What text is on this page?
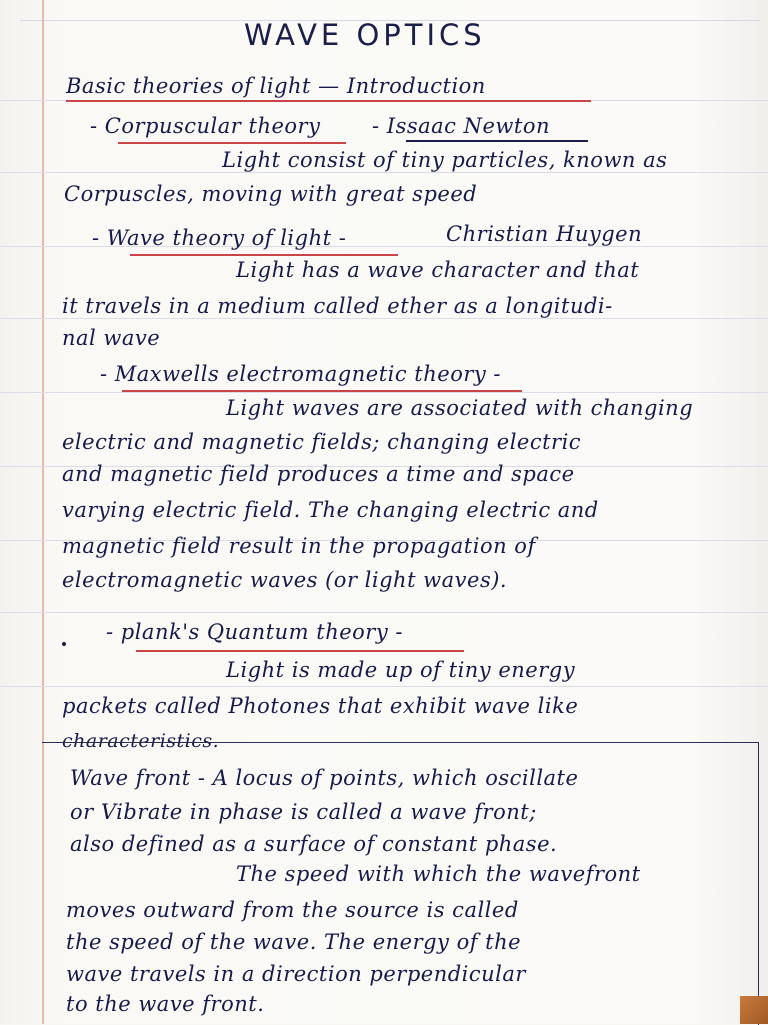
WAVE OPTICS
Basic theories of light — Introduction
- Corpuscular theory - Issaac Newton
Light consist of tiny particles, known as
Corpuscles, moving with great speed
- Wave theory of light -	Christian Huygen
Light has a wave character and that
it travels in a medium called ether as a longitudi-
nal wave
- Maxwells electromagnetic theory -
Light waves are associated with changing
electric and magnetic fields; changing electric
and magnetic field produces a time and space
varying electric field. The changing electric and
magnetic field result in the propagation of
electromagnetic waves (or light waves).
- plank's Quantum theory -
Light is made up of tiny energy
packets called Photones that exhibit wave like
characteristics.
Wave front - A locus of points, which oscillate
or Vibrate in phase is called a wave front;
also defined as a surface of constant phase.
The speed with which the wavefront
moves outward from the source is called
the speed of the wave. The energy of the
wave travels in a direction perpendicular
to the wave front.
